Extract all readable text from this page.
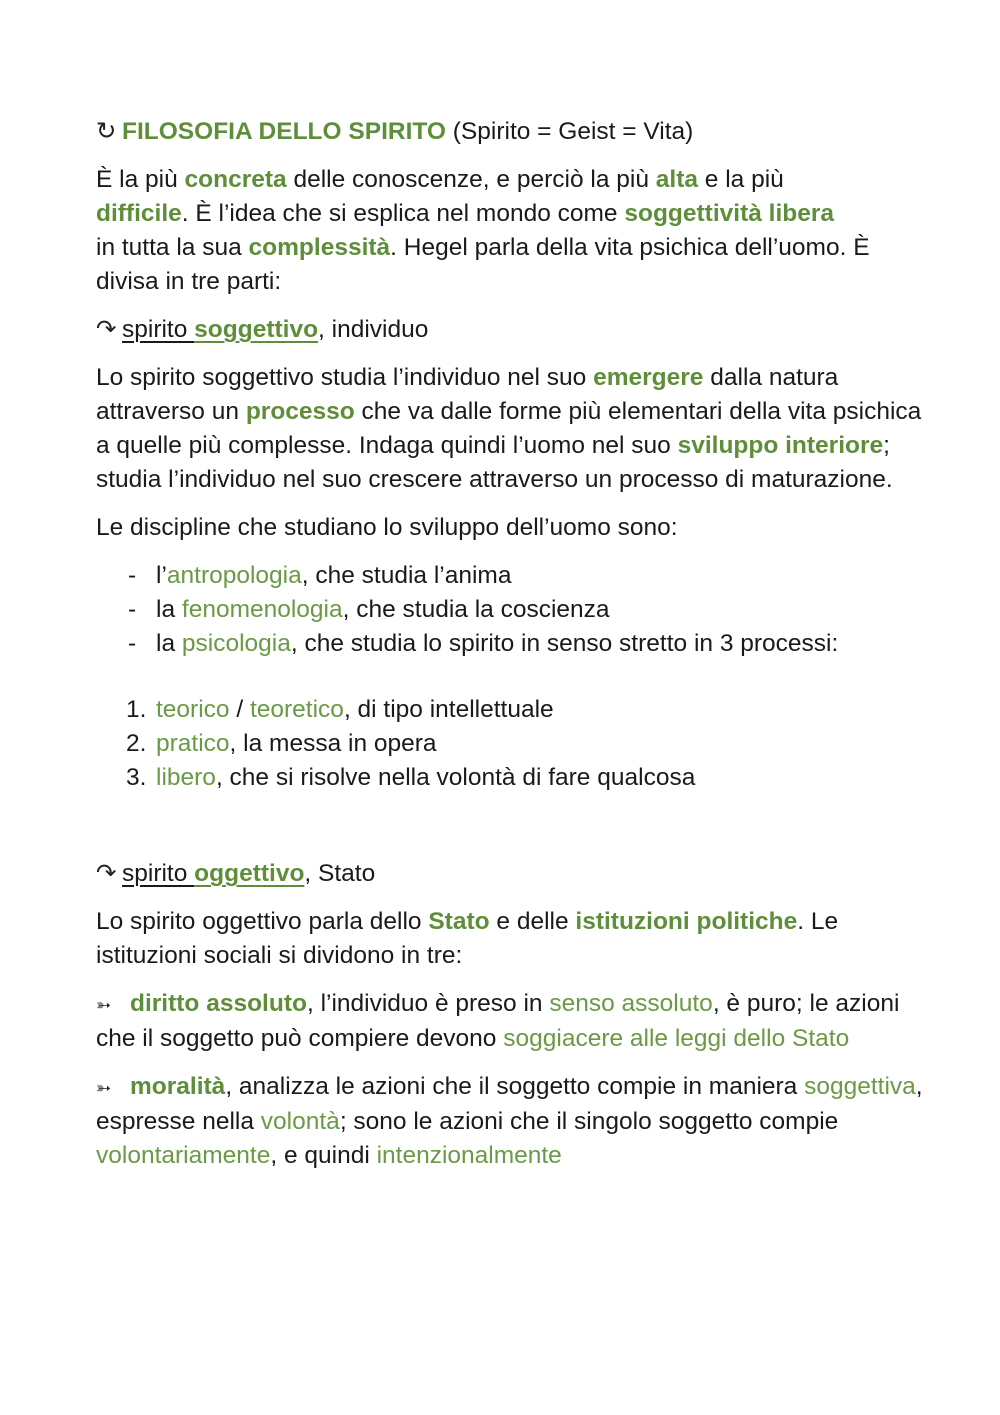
↻ FILOSOFIA DELLO SPIRITO (Spirito = Geist = Vita)

È la più concreta delle conoscenze, e perciò la più alta e la più
difficile. È l’idea che si esplica nel mondo come soggettività libera
in tutta la sua complessità. Hegel parla della vita psichica dell’uomo. È divisa in tre parti:

↷ spirito soggettivo, individuo

Lo spirito soggettivo studia l’individuo nel suo emergere dalla natura attraverso un processo che va dalle forme più elementari della vita psichica a quelle più complesse. Indaga quindi l’uomo nel suo sviluppo interiore; studia l’individuo nel suo crescere attraverso un processo di maturazione.

Le discipline che studiano lo sviluppo dell’uomo sono:

- l’antropologia, che studia l’anima
- la fenomenologia, che studia la coscienza
- la psicologia, che studia lo spirito in senso stretto in 3 processi:
1. teorico / teoretico, di tipo intellettuale
2. pratico, la messa in opera
3. libero, che si risolve nella volontà di fare qualcosa

↷ spirito oggettivo, Stato

Lo spirito oggettivo parla dello Stato e delle istituzioni politiche. Le istituzioni sociali si dividono in tre:

➳ diritto assoluto, l’individuo è preso in senso assoluto, è puro; le azioni che il soggetto può compiere devono soggiacere alle leggi dello Stato

➳ moralità, analizza le azioni che il soggetto compie in maniera soggettiva, espresse nella volontà; sono le azioni che il singolo soggetto compie volontariamente, e quindi intenzionalmente
